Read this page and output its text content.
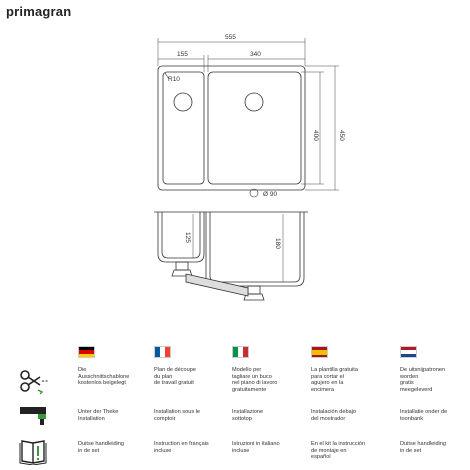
primagran
555
155	340
R10
400	450
Ø 90
125
180
Die
Ausschnittschablone
kostenlos beigelegt
Plan de découpe
du plan
de travail gratuit
Modello per
tagliare un buco
nel piano di lavoro
gratuitamente
La plantilla gratuita
para cortar el
agujero en la
encimera
De uitsnijpatronen
worden
gratis
meegeleverd
Unter der Theke
Installation
Installation sous le
comptoir
Installazione
sottotop
Instalación debajo
del mostrador
Installatie onder de
toonbank
Duitse handleiding
in de set
Instruction en français
incluse
Istruzioni in italiano
incluse
En el kit la instrucción
de montaje en
español
Duitse handleiding
in de set
